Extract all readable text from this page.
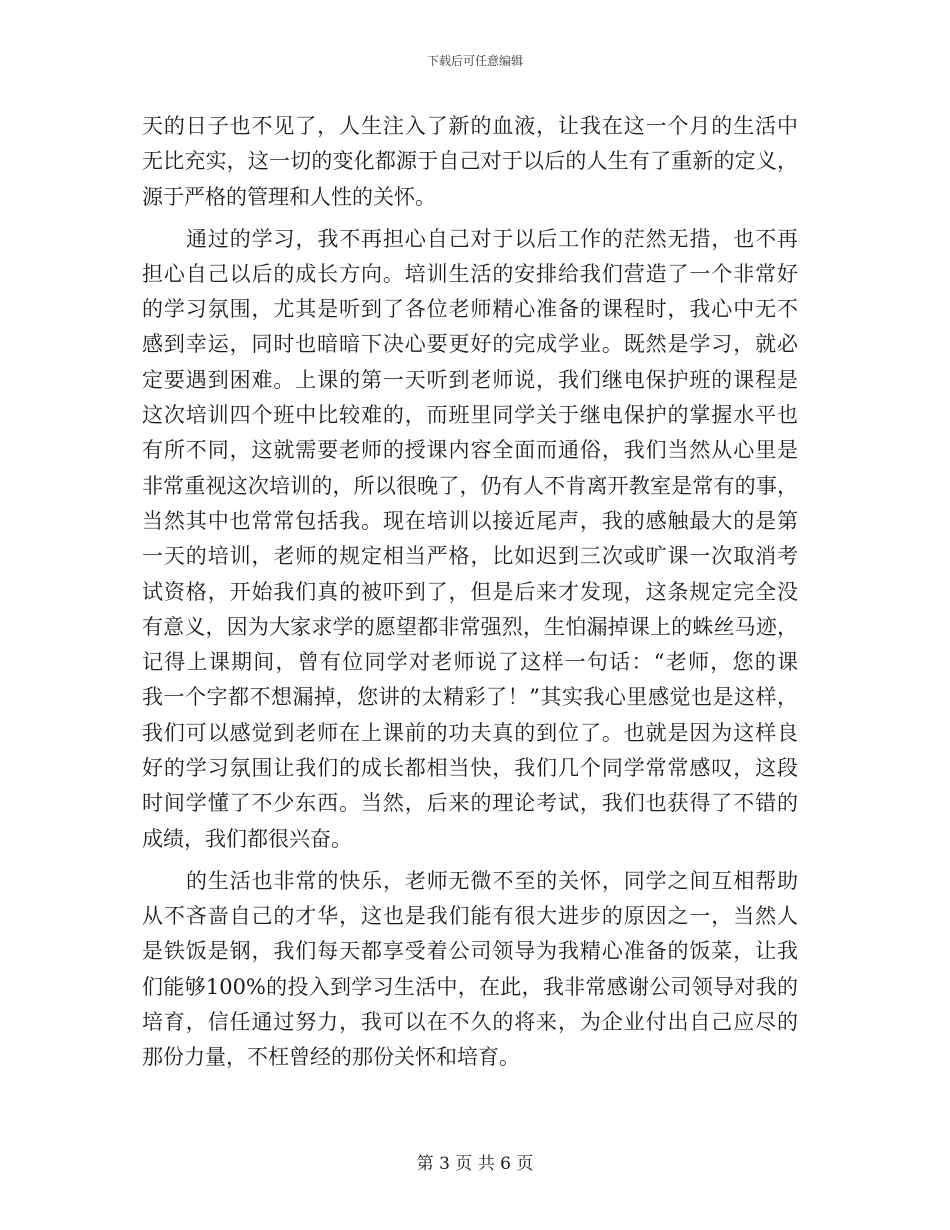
下载后可任意编辑
天的日子也不见了，人生注入了新的血液，让我在这一个月的生活中
无比充实，这一切的变化都源于自己对于以后的人生有了重新的定义，
源于严格的管理和人性的关怀。
通过的学习，我不再担心自己对于以后工作的茫然无措，也不再
担心自己以后的成长方向。培训生活的安排给我们营造了一个非常好
的学习氛围，尤其是听到了各位老师精心准备的课程时，我心中无不
感到幸运，同时也暗暗下决心要更好的完成学业。既然是学习，就必
定要遇到困难。上课的第一天听到老师说，我们继电保护班的课程是
这次培训四个班中比较难的，而班里同学关于继电保护的掌握水平也
有所不同，这就需要老师的授课内容全面而通俗，我们当然从心里是
非常重视这次培训的，所以很晚了，仍有人不肯离开教室是常有的事，
当然其中也常常包括我。现在培训以接近尾声，我的感触最大的是第
一天的培训，老师的规定相当严格，比如迟到三次或旷课一次取消考
试资格，开始我们真的被吓到了，但是后来才发现，这条规定完全没
有意义，因为大家求学的愿望都非常强烈，生怕漏掉课上的蛛丝马迹，
记得上课期间，曾有位同学对老师说了这样一句话：“老师，您的课
我一个字都不想漏掉，您讲的太精彩了！”其实我心里感觉也是这样，
我们可以感觉到老师在上课前的功夫真的到位了。也就是因为这样良
好的学习氛围让我们的成长都相当快，我们几个同学常常感叹，这段
时间学懂了不少东西。当然，后来的理论考试，我们也获得了不错的
成绩，我们都很兴奋。
的生活也非常的快乐，老师无微不至的关怀，同学之间互相帮助
从不吝啬自己的才华，这也是我们能有很大进步的原因之一，当然人
是铁饭是钢，我们每天都享受着公司领导为我精心准备的饭菜，让我
们能够100%的投入到学习生活中，在此，我非常感谢公司领导对我的
培育，信任通过努力，我可以在不久的将来，为企业付出自己应尽的
那份力量，不枉曾经的那份关怀和培育。
第 3 页 共 6 页
